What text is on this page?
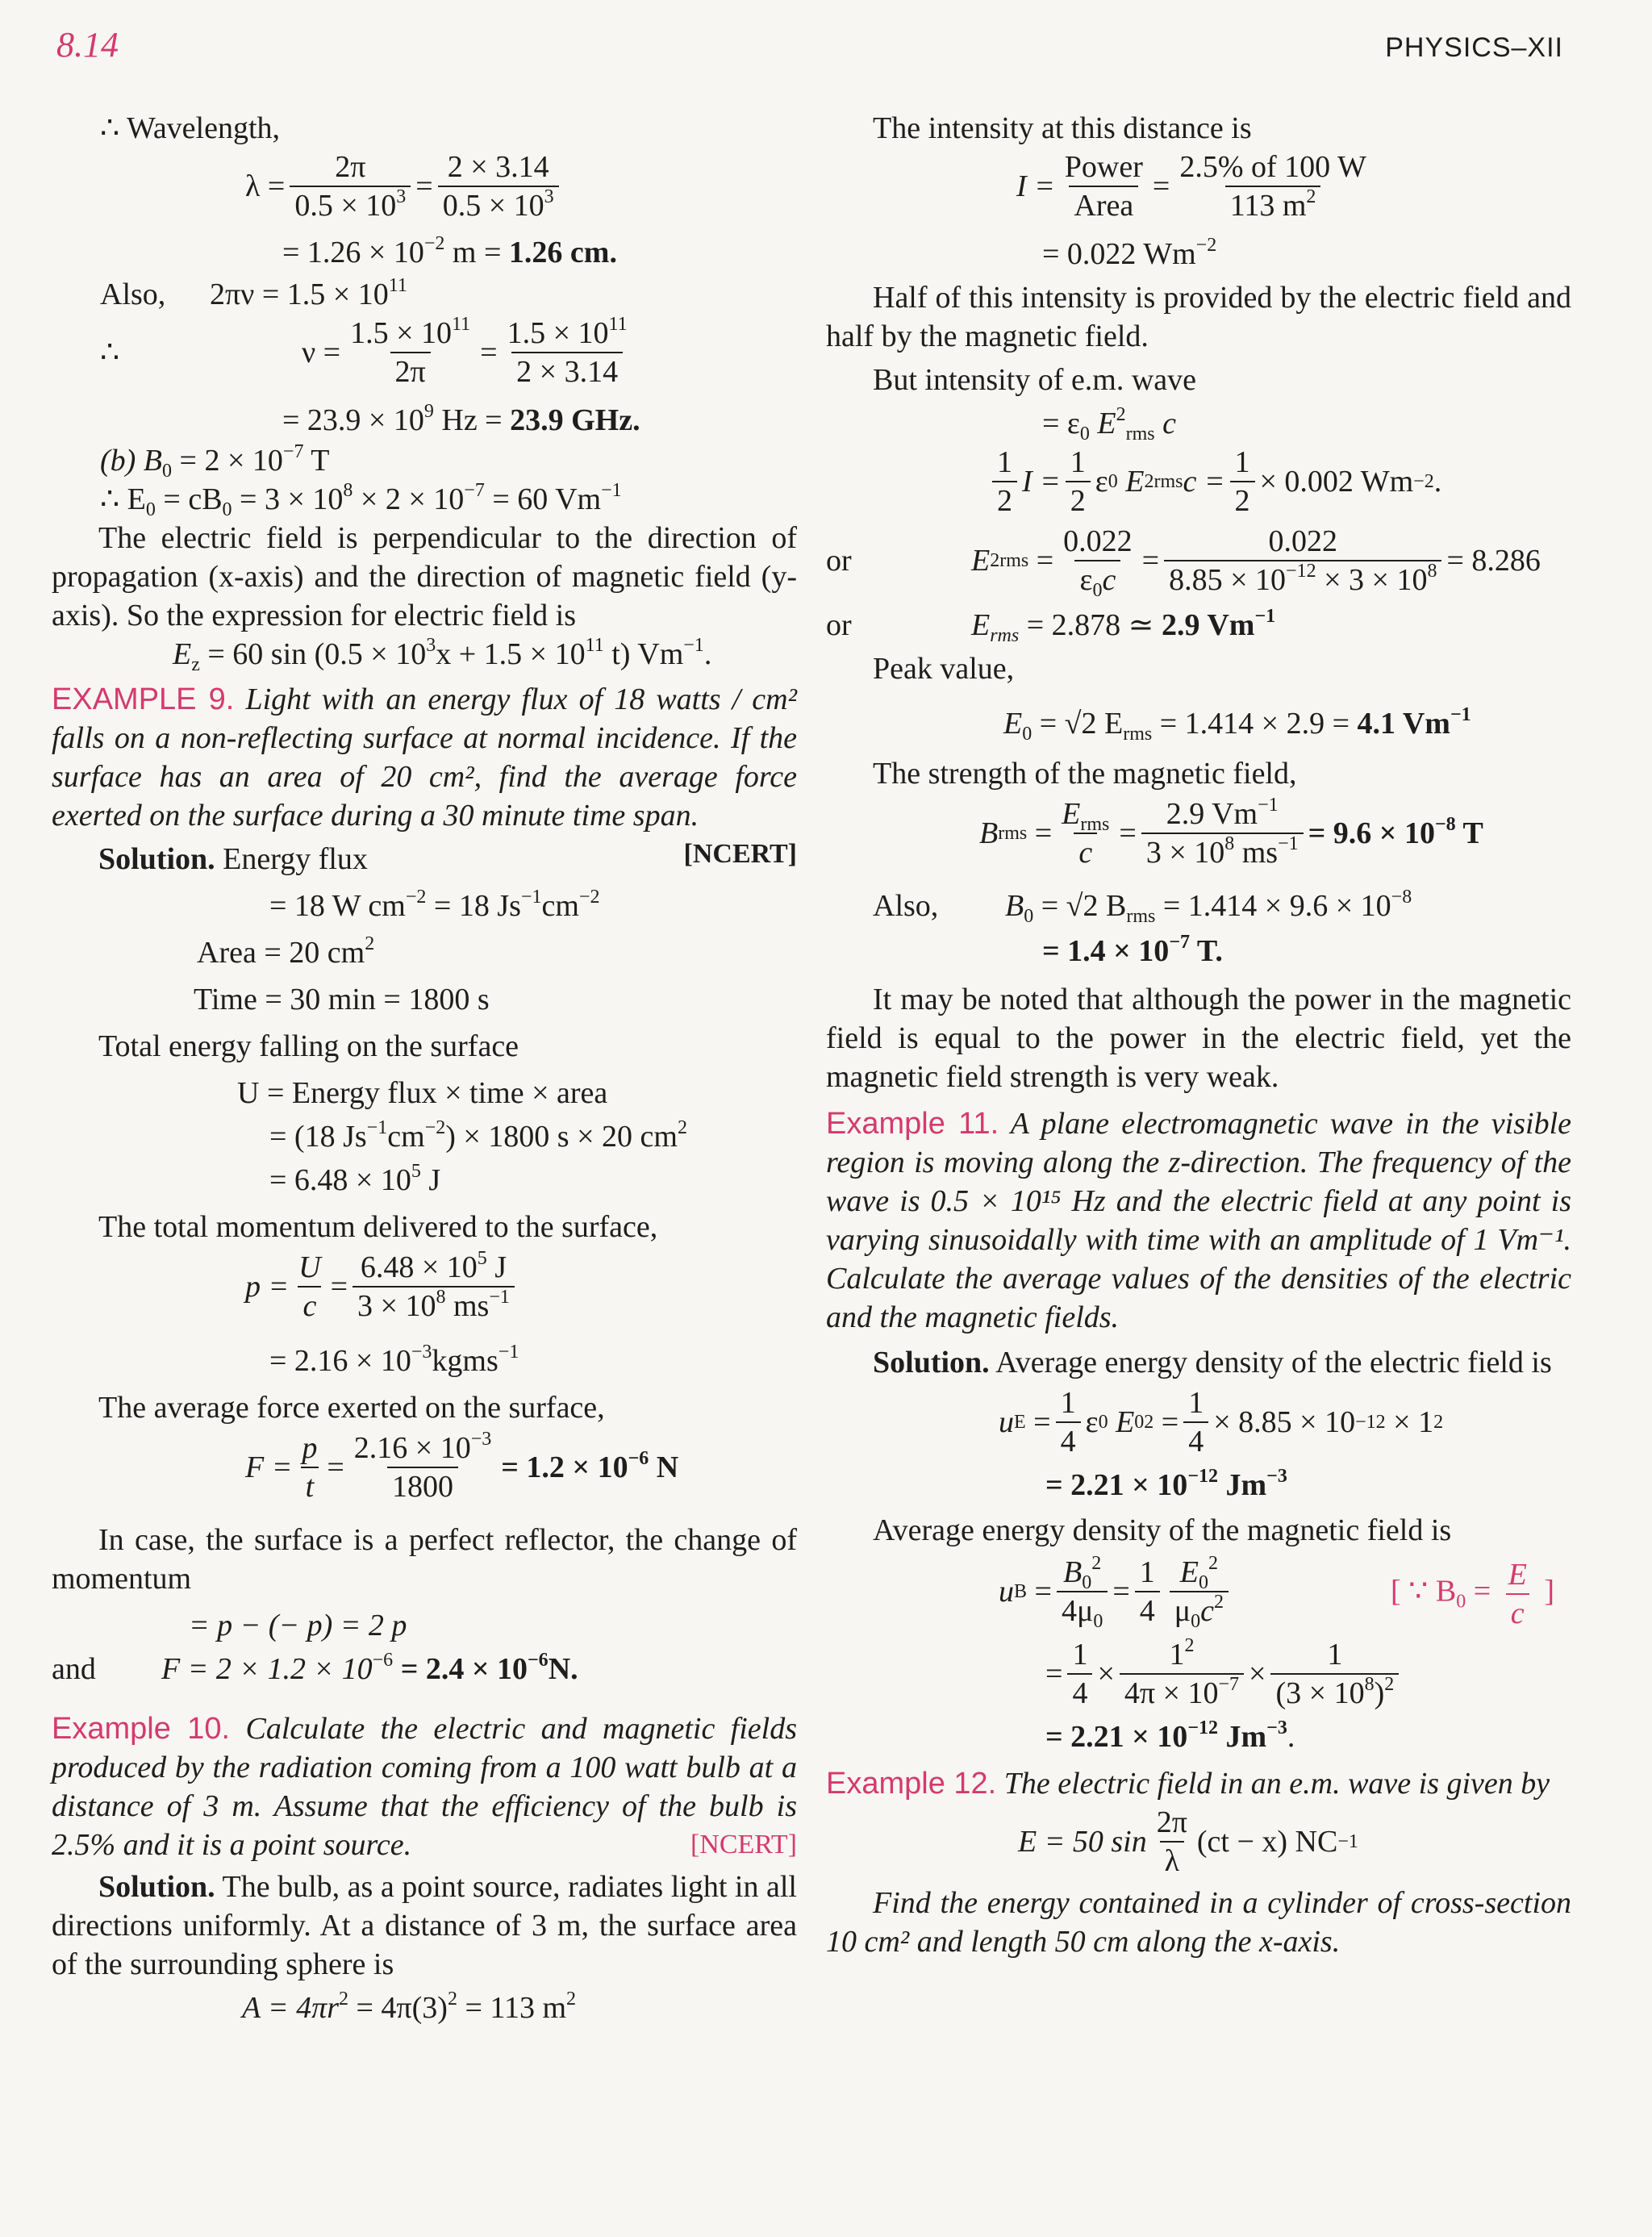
8.14	PHYSICS–XII
∴ Wavelength,
$\lambda = \frac{2\pi}{0.5 \times 10^3} = \frac{2 \times 3.14}{0.5 \times 10^3}$
= $1.26 \times 10^{-2}$ m = 1.26 cm.
Also, $2\pi\nu = 1.5 \times 10^{11}$
∴	$\nu = \frac{1.5 \times 10^{11}}{2\pi} = \frac{1.5 \times 10^{11}}{2 \times 3.14}$
= $23.9 \times 10^9$ Hz = 23.9 GHz.
(b) $B_0 = 2 \times 10^{-7}$ T
∴ $E_0 = cB_0 = 3 \times 10^8 \times 2 \times 10^{-7} = 60$ $Vm^{-1}$
The electric field is perpendicular to the direction of propagation (x-axis) and the direction of magnetic field (y-axis). So the expression for electric field is
$E_z = 60$ $\sin (0.5 \times 10^3x + 1.5 \times 10^{11}$ t) $Vm^{-1}$.
EXAMPLE 9. Light with an energy flux of 18 watts / cm² falls on a non-reflecting surface at normal incidence. If the surface has an area of 20 cm², find the average force exerted on the surface during a 30 minute time span.
[NCERT]
Solution. Energy flux
= 18 W $cm^{-2} = 18$ $Js^{-1}cm^{-2}$
Area = 20 $cm^2$
Time = 30 min = 1800 s
Total energy falling on the surface
U = Energy flux × time × area
= (18 $Js^{-1}cm^{-2}) \times 1800$ s × 20 $cm^2$
= $6.48 \times 10^5$ J
The total momentum delivered to the surface,
$p = \frac{U}{c} = \frac{6.48 \times 10^5 J}{3 \times 10^8 ms^{-1}}$
= $2.16 \times 10^{-3}kgms^{-1}$
The average force exerted on the surface,
$F = \frac{p}{t} = \frac{2.16 \times 10^{-3}}{1800} = 1.2 \times 10^{-6}$ N
In case, the surface is a perfect reflector, the change of momentum
= p − (− p) = 2 p
and $F = 2 \times 1.2 \times 10^{-6} = 2.4 \times 10^{-6}N$.
Example 10. Calculate the electric and magnetic fields produced by the radiation coming from a 100 watt bulb at a distance of 3 m. Assume that the efficiency of the bulb is 2.5% and it is a point source.	[NCERT]
Solution. The bulb, as a point source, radiates light in all directions uniformly. At a distance of 3 m, the surface area of the surrounding sphere is
$A = 4\pi r^2 = 4\pi(3)^2 = 113$ $m^2$
The intensity at this distance is
$I = \frac{\text{Power}}{\text{Area}} = \frac{2.5\% of 100 W}{113 m^2}$
= 0.022 $Wm^{-2}$
Half of this intensity is provided by the electric field and half by the magnetic field.
But intensity of e.m. wave
= $\varepsilon_0$ $E^2_{rms}$ c
$\frac{1}{2}$ $I = \frac{1}{2}$ ε 0
E 2 rms $c = \frac{1}{2} \times 0.002$ Wm −2 .
or	E 2 rms = $\frac{0.022}{\varepsilon_0c} = \frac{0.022}{8.85 \times 10^{-12} \times 3 \times 10^8} = 8.286$
or	$E_{rms} = 2.878$ ≃ 2.9 $Vm^{-1}$
Peak value,
$E_0 = √2$ $E_{rms} = 1.414 \times 2.9 = 4.1$ $Vm^{-1}$
The strength of the magnetic field,
B rms = $\frac{E_{rms}}{c} = \frac{2.9 Vm^{-1}}{3 \times 10^8 ms^{-1}} = 9.6 \times 10^{-8}$ T
Also, $B_0 = √2$ $B_{rms} = 1.414 \times 9.6 \times 10^{-8}$
= $1.4 \times 10^{-7}$ T.
It may be noted that although the power in the magnetic field is equal to the power in the electric field, yet the magnetic field strength is very weak.
Example 11. A plane electromagnetic wave in the visible region is moving along the z-direction. The frequency of the wave is 0.5 × 10¹⁵ Hz and the electric field at any point is varying sinusoidally with time with an amplitude of 1 Vm⁻¹. Calculate the average values of the densities of the electric and the magnetic fields.
Solution. Average energy density of the electric field is
u $E = \frac{1}{4}$ ε 0
E 0 $2 = \frac{1}{4} \times 8.85 \times 10 -12$
× 1 2
= $2.21 \times 10^{-12}$ $Jm^{-3}$
Average energy density of the magnetic field is
u $B = \frac{B_0^2}{4\mu_0} = \frac{1}{4} \frac{E_0^2}{\mu_0c^2}$	[ ∵ $B_0 = \frac{E}{c}$ ]
= $\frac{1}{4} \times \frac{1^2}{4\pi \times 10^{-7}} \times \frac{1}{(3 \times 10^8)^2}$
= $2.21 \times 10^{-12}$ $Jm^{-3}$.
Example 12. The electric field in an e.m. wave is given by
E = 50 $\sin \frac{2\pi}{\lambda} (ct - x)$ NC −1
Find the energy contained in a cylinder of cross-section 10 cm² and length 50 cm along the x-axis.
